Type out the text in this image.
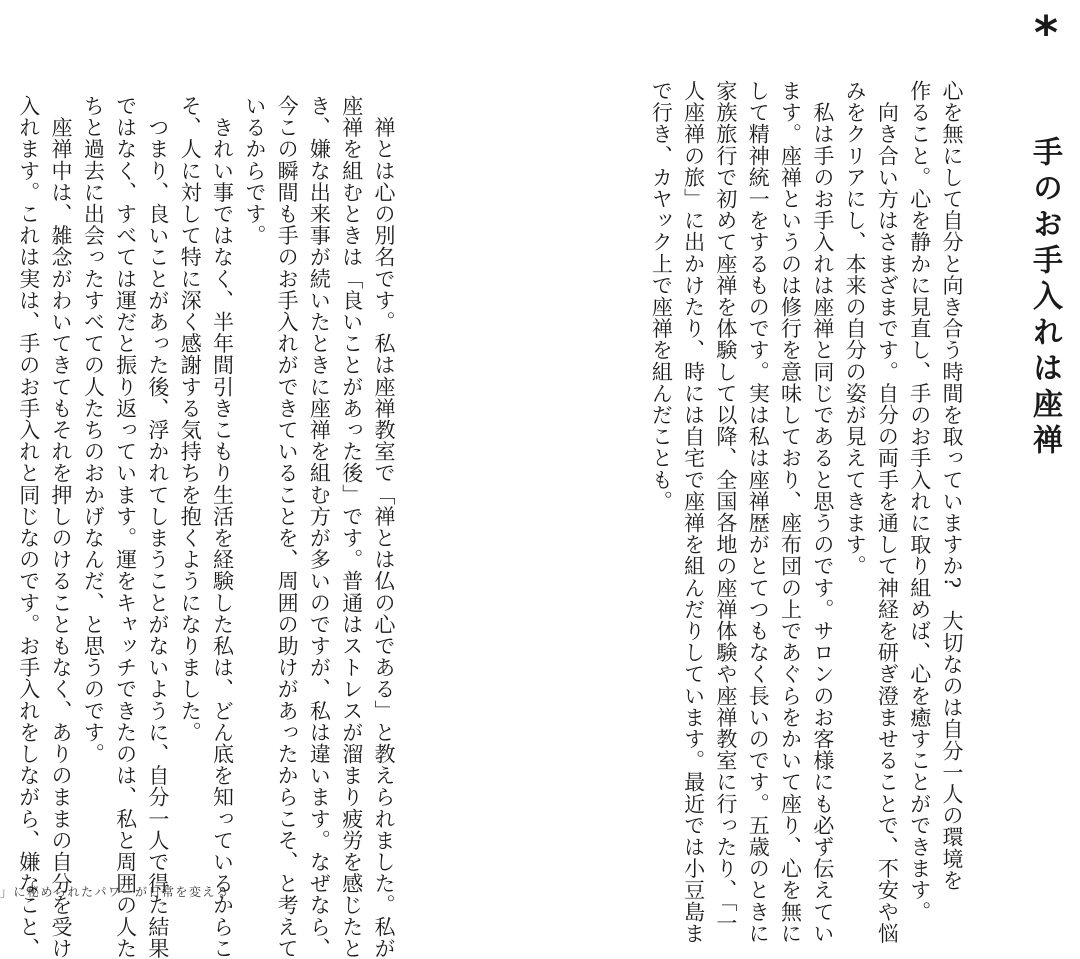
*
手のお手入れは座禅
心を無にして自分と向き合う時間を取っていますか?　大切なのは自分一人の環境を
作ること。心を静かに見直し、手のお手入れに取り組めば、心を癒すことができます。
　向き合い方はさまざまです。自分の両手を通して神経を研ぎ澄ませることで、不安や悩
みをクリアにし、本来の自分の姿が見えてきます。
　私は手のお手入れは座禅と同じであると思うのです。サロンのお客様にも必ず伝えてい
ます。座禅というのは修行を意味しており、座布団の上であぐらをかいて座り、心を無に
して精神統一をするものです。実は私は座禅歴がとてつもなく長いのです。五歳のときに
家族旅行で初めて座禅を体験して以降、全国各地の座禅体験や座禅教室に行ったり、「一
人座禅の旅」に出かけたり、時には自宅で座禅を組んだりしています。最近では小豆島ま
で行き、カヤック上で座禅を組んだことも。
　禅とは心の別名です。私は座禅教室で「禅とは仏の心である」と教えられました。私が
座禅を組むときは「良いことがあった後」です。普通はストレスが溜まり疲労を感じたと
き、嫌な出来事が続いたときに座禅を組む方が多いのですが、私は違います。なぜなら、
今この瞬間も手のお手入れができていることを、周囲の助けがあったからこそ、と考えて
いるからです。
　きれい事ではなく、半年間引きこもり生活を経験した私は、どん底を知っているからこ
そ、人に対して特に深く感謝する気持ちを抱くようになりました。
　つまり、良いことがあった後、浮かれてしまうことがないように、自分一人で得た結果
ではなく、すべては運だと振り返っています。運をキャッチできたのは、私と周囲の人た
ちと過去に出会ったすべての人たちのおかげなんだ、と思うのです。
　座禅中は、雑念がわいてきてもそれを押しのけることもなく、ありのままの自分を受け
入れます。これは実は、手のお手入れと同じなのです。お手入れをしながら、嫌なこと、
」に秘められたパワーが日常を変える
